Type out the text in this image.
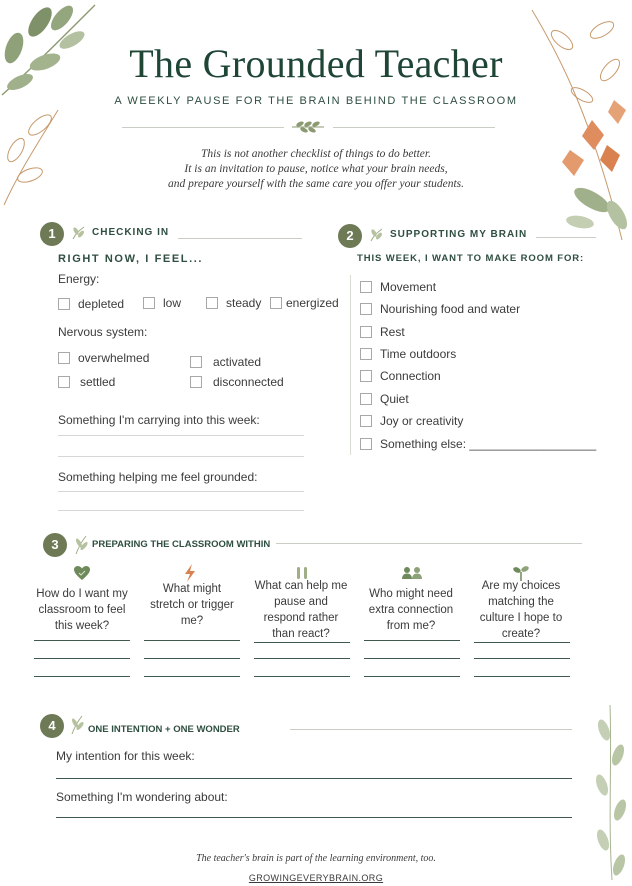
The Grounded Teacher
A WEEKLY PAUSE FOR THE BRAIN BEHIND THE CLASSROOM
This is not another checklist of things to do better.
It is an invitation to pause, notice what your brain needs,
and prepare yourself with the same care you offer your students.
1	CHECKING IN
RIGHT NOW, I FEEL...
Energy:
depleted	low	steady energized
Nervous system:
overwhelmed	activated
settled	disconnected
Something I'm carrying into this week:
Something helping me feel grounded:
2	SUPPORTING MY BRAIN
THIS WEEK, I WANT TO MAKE ROOM FOR:
Movement
Nourishing food and water
Rest
Time outdoors
Connection
Quiet
Joy or creativity
Something else: ___________________
3	PREPARING THE CLASSROOM WITHIN
How do I want my
classroom to feel
this week?
What might
stretch or trigger
me?
What can help me
pause and
respond rather
than react?
Who might need
extra connection
from me?
Are my choices
matching the
culture I hope to
create?
4	ONE INTENTION + ONE WONDER
My intention for this week:
Something I'm wondering about:
The teacher's brain is part of the learning environment, too.
GROWINGEVERYBRAIN.ORG
